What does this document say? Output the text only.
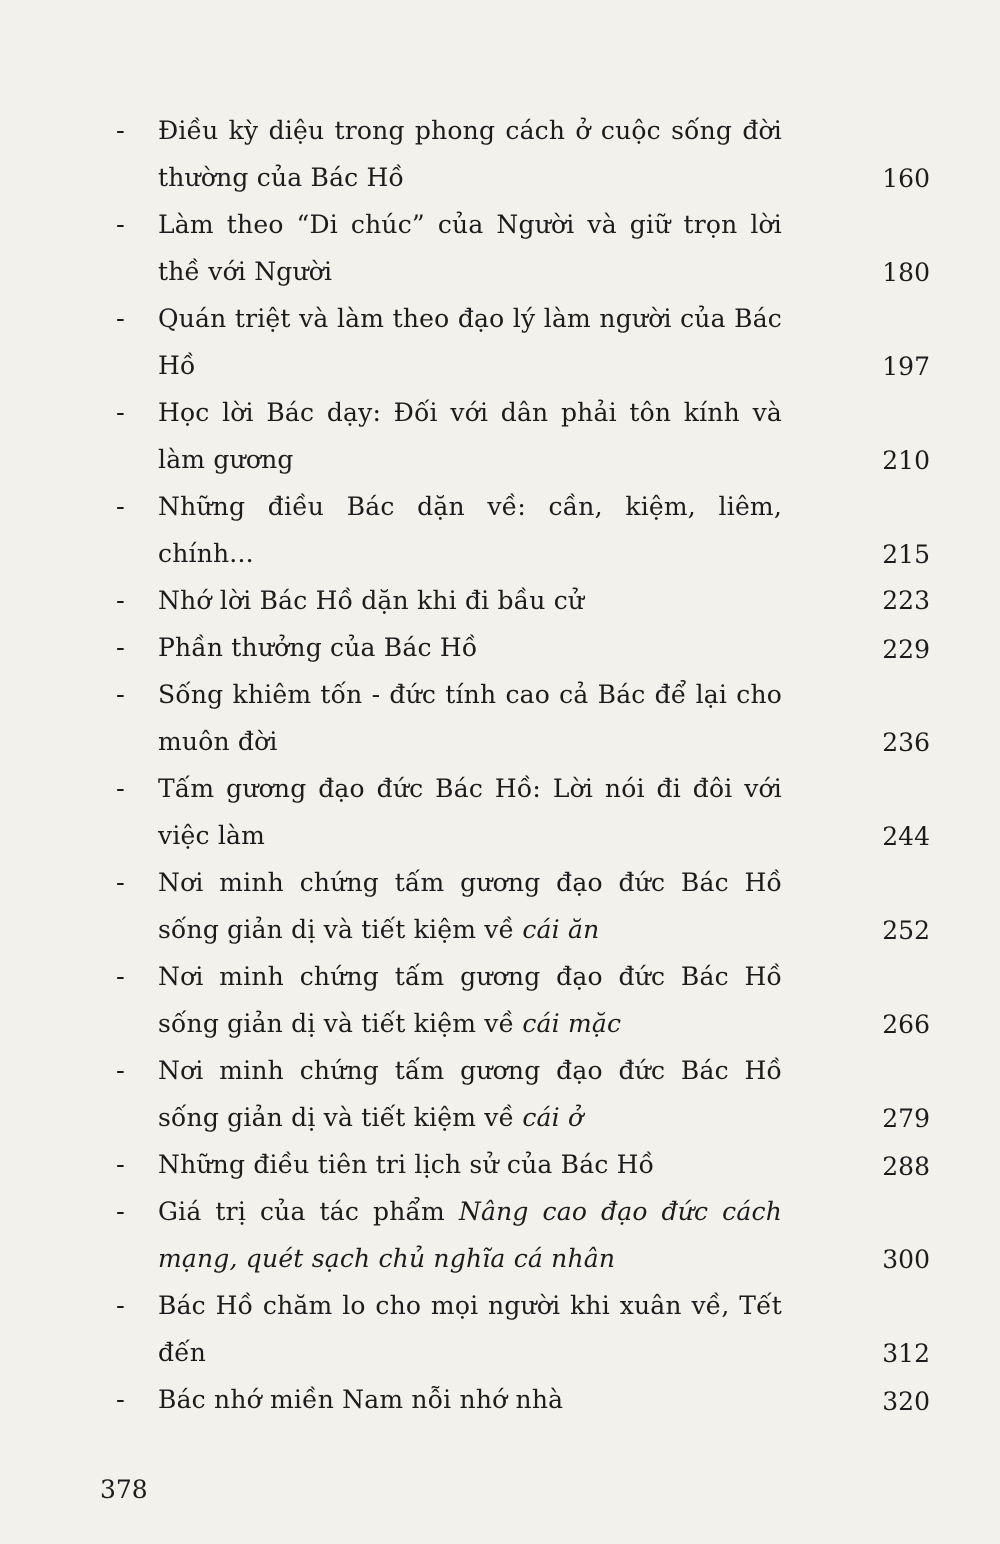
- Điều kỳ diệu trong phong cách ở cuộc sống đời thường của Bác Hồ	160
- Làm theo “Di chúc” của Người và giữ trọn lời thề với Người	180
- Quán triệt và làm theo đạo lý làm người của Bác Hồ	197
- Học lời Bác dạy: Đối với dân phải tôn kính và làm gương	210
- Những điều Bác dặn về: cần, kiệm, liêm, chính...	215
- Nhớ lời Bác Hồ dặn khi đi bầu cử	223
- Phần thưởng của Bác Hồ	229
- Sống khiêm tốn - đức tính cao cả Bác để lại cho muôn đời	236
- Tấm gương đạo đức Bác Hồ: Lời nói đi đôi với việc làm	244
- Nơi minh chứng tấm gương đạo đức Bác Hồ sống giản dị và tiết kiệm về cái ăn	252
- Nơi minh chứng tấm gương đạo đức Bác Hồ sống giản dị và tiết kiệm về cái mặc	266
- Nơi minh chứng tấm gương đạo đức Bác Hồ sống giản dị và tiết kiệm về cái ở	279
- Những điều tiên tri lịch sử của Bác Hồ	288
- Giá trị của tác phẩm Nâng cao đạo đức cách mạng, quét sạch chủ nghĩa cá nhân	300
- Bác Hồ chăm lo cho mọi người khi xuân về, Tết đến	312
- Bác nhớ miền Nam nỗi nhớ nhà	320
378
